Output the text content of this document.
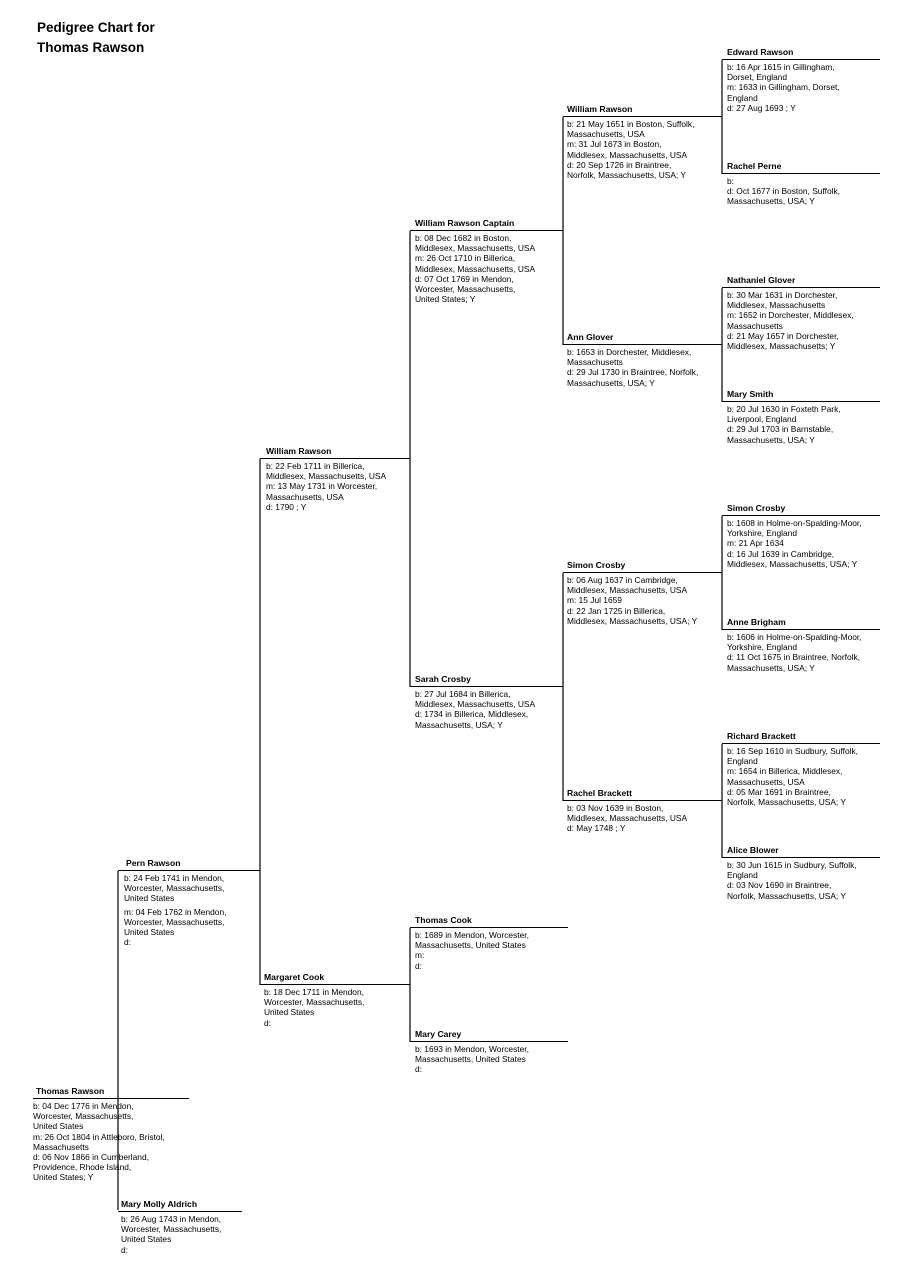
Pedigree Chart for
Thomas Rawson
Thomas Rawson
b: 04 Dec 1776 in Mendon,
Worcester, Massachusetts,
United States
m: 26 Oct 1804 in Attleboro, Bristol,
Massachusetts
d: 06 Nov 1866 in Cumberland,
Providence, Rhode Island,
United States; Y
Pern Rawson
b: 24 Feb 1741 in Mendon,
Worcester, Massachusetts,
United States
m: 04 Feb 1762 in Mendon,
Worcester, Massachusetts,
United States
d:
Mary Molly Aldrich
b: 26 Aug 1743 in Mendon,
Worcester, Massachusetts,
United States
d:
William Rawson
b: 22 Feb 1711 in Billerica,
Middlesex, Massachusetts, USA
m: 13 May 1731 in Worcester,
Massachusetts, USA
d: 1790 ; Y
Margaret Cook
b: 18 Dec 1711 in Mendon,
Worcester, Massachusetts,
United States
d:
William Rawson Captain
b: 08 Dec 1682 in Boston,
Middlesex, Massachusetts, USA
m: 26 Oct 1710 in Billerica,
Middlesex, Massachusetts, USA
d: 07 Oct 1769 in Mendon,
Worcester, Massachusetts,
United States; Y
Sarah Crosby
b: 27 Jul 1684 in Billerica,
Middlesex, Massachusetts, USA
d: 1734 in Billerica, Middlesex,
Massachusetts, USA; Y
Thomas Cook
b: 1689 in Mendon, Worcester,
Massachusetts, United States
m:
d:
Mary Carey
b: 1693 in Mendon, Worcester,
Massachusetts, United States
d:
William Rawson
b: 21 May 1651 in Boston, Suffolk,
Massachusetts, USA
m: 31 Jul 1673 in Boston,
Middlesex, Massachusetts, USA
d: 20 Sep 1726 in Braintree,
Norfolk, Massachusetts, USA; Y
Ann Glover
b: 1653 in Dorchester, Middlesex,
Massachusetts
d: 29 Jul 1730 in Braintree, Norfolk,
Massachusetts, USA; Y
Simon Crosby
b: 06 Aug 1637 in Cambridge,
Middlesex, Massachusetts, USA
m: 15 Jul 1659
d: 22 Jan 1725 in Billerica,
Middlesex, Massachusetts, USA; Y
Rachel Brackett
b: 03 Nov 1639 in Boston,
Middlesex, Massachusetts, USA
d: May 1748 ; Y
Edward Rawson
b: 16 Apr 1615 in Gillingham,
Dorset, England
m: 1633 in Gillingham, Dorset,
England
d: 27 Aug 1693 ; Y
Rachel Perne
b:
d: Oct 1677 in Boston, Suffolk,
Massachusetts, USA; Y
Nathaniel Glover
b: 30 Mar 1631 in Dorchester,
Middlesex, Massachusetts
m: 1652 in Dorchester, Middlesex,
Massachusetts
d: 21 May 1657 in Dorchester,
Middlesex, Massachusetts; Y
Mary Smith
b: 20 Jul 1630 in Foxteth Park,
Liverpool, England
d: 29 Jul 1703 in Barnstable,
Massachusetts, USA; Y
Simon Crosby
b: 1608 in Holme-on-Spalding-Moor,
Yorkshire, England
m: 21 Apr 1634
d: 16 Jul 1639 in Cambridge,
Middlesex, Massachusetts, USA; Y
Anne Brigham
b: 1606 in Holme-on-Spalding-Moor,
Yorkshire, England
d: 11 Oct 1675 in Braintree, Norfolk,
Massachusetts, USA; Y
Richard Brackett
b: 16 Sep 1610 in Sudbury, Suffolk,
England
m: 1654 in Billerica, Middlesex,
Massachusetts, USA
d: 05 Mar 1691 in Braintree,
Norfolk, Massachusetts, USA; Y
Alice Blower
b: 30 Jun 1615 in Sudbury, Suffolk,
England
d: 03 Nov 1690 in Braintree,
Norfolk, Massachusetts, USA; Y
